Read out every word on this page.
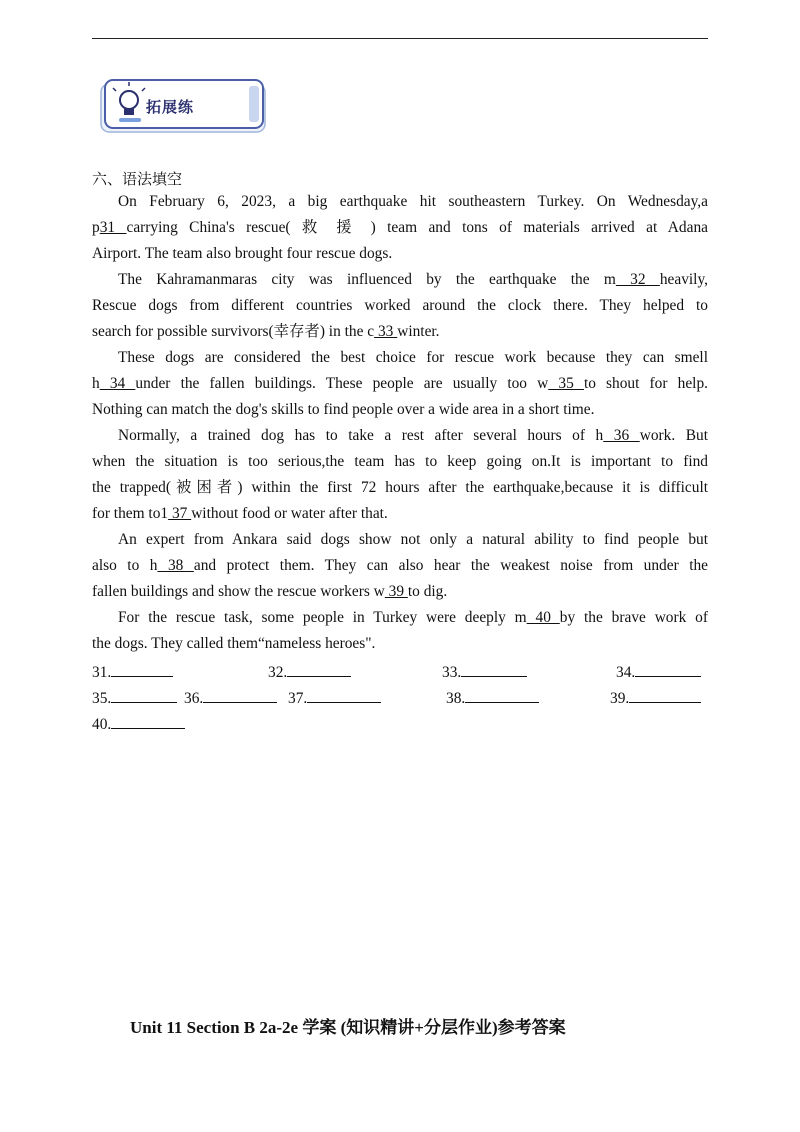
拓展练
六、语法填空
On February 6, 2023, a big earthquake hit southeastern Turkey. On Wednesday,a
p31 carrying China's rescue( 救 援 ) team and tons of materials arrived at Adana
Airport. The team also brought four rescue dogs.
The Kahramanmaras city was influenced by the earthquake the m 32 heavily,
Rescue dogs from different countries worked around the clock there. They helped to
search for possible survivors(幸存者) in the c 33 winter.
These dogs are considered the best choice for rescue work because they can smell
h 34 under the fallen buildings. These people are usually too w 35 to shout for help.
Nothing can match the dog's skills to find people over a wide area in a short time.
Normally, a trained dog has to take a rest after several hours of h 36 work. But
when the situation is too serious,the team has to keep going on.It is important to find
the trapped(被困者) within the first 72 hours after the earthquake,because it is difficult
for them to1 37 without food or water after that.
An expert from Ankara said dogs show not only a natural ability to find people but
also to h 38 and protect them. They can also hear the weakest noise from under the
fallen buildings and show the rescue workers w 39 to dig.
For the rescue task, some people in Turkey were deeply m 40 by the brave work of
the dogs. They called them“nameless heroes".
31.	32.	33.	34.
35.	36.	37.	38.	39.
40.
Unit 11 Section B 2a-2e 学案 (知识精讲+分层作业)参考答案
